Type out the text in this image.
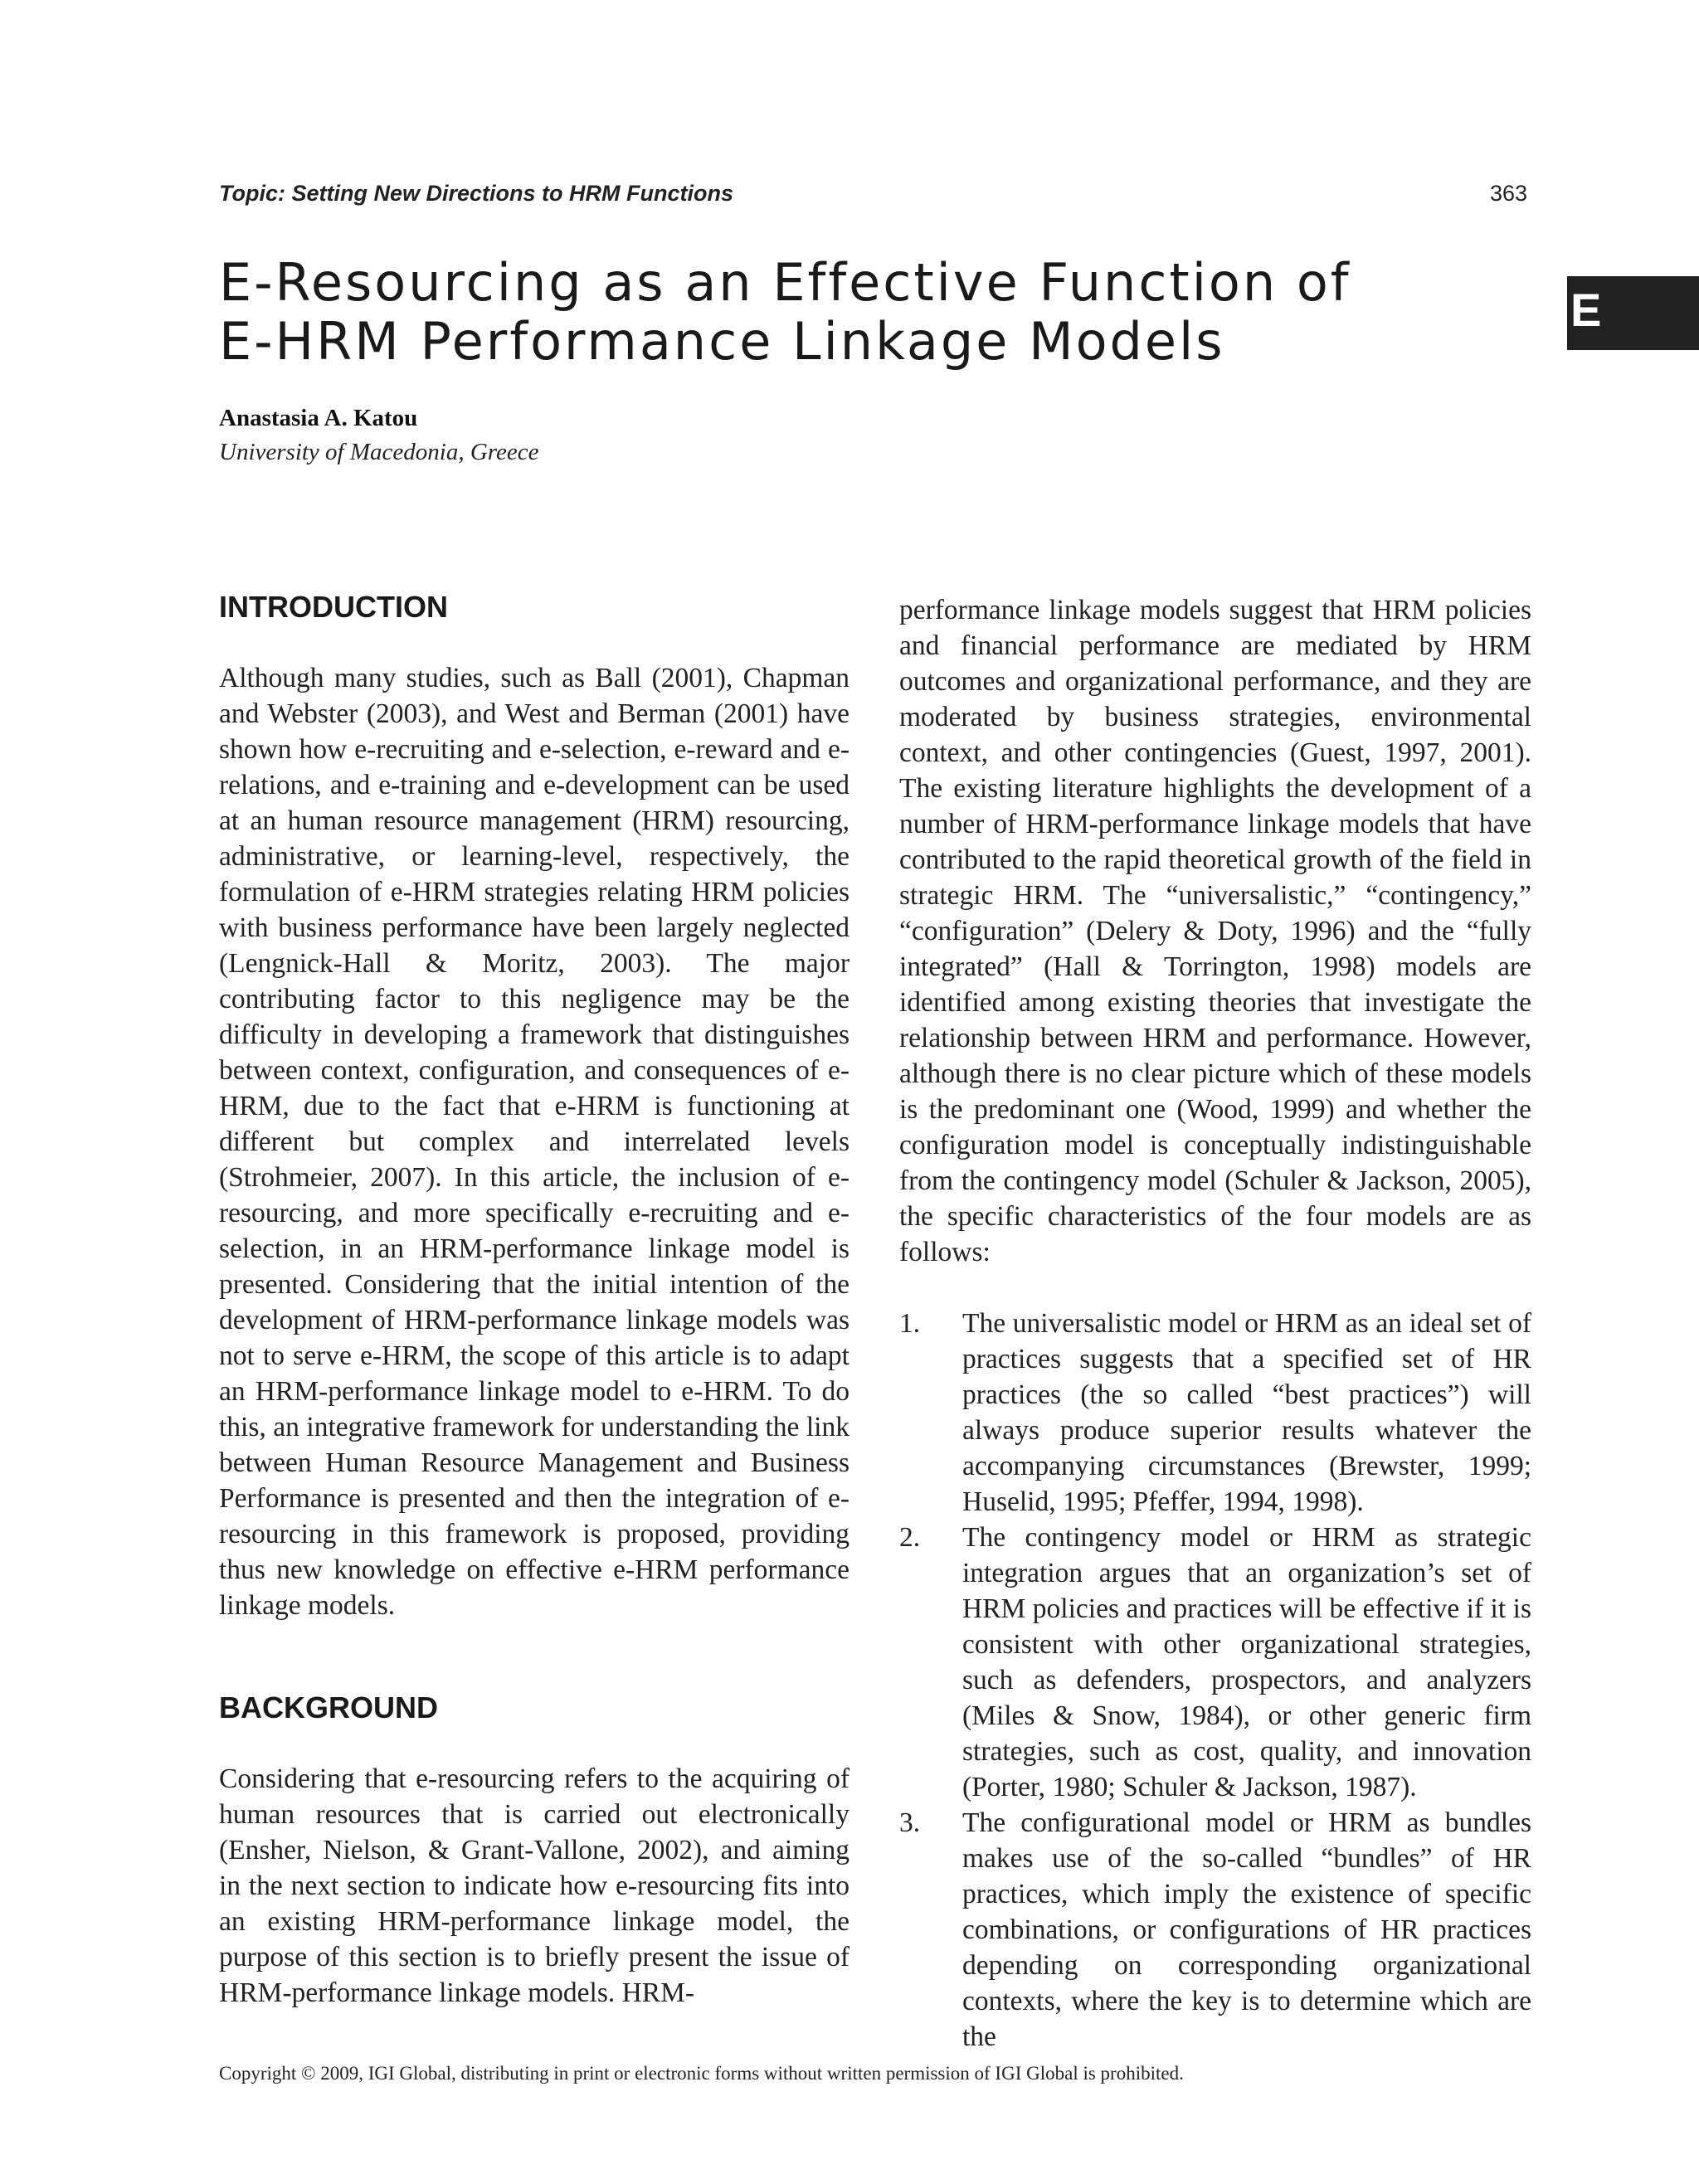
Topic: Setting New Directions to HRM Functions	363
E-Resourcing as an Effective Function of
E-HRM Performance Linkage Models
E
Anastasia A. Katou
University of Macedonia, Greece
INTRODUCTION

Although many studies, such as Ball (2001), Chapman and Webster (2003), and West and Berman (2001) have shown how e-recruiting and e-selection, e-reward and e-relations, and e-training and e-development can be used at an human resource management (HRM) resourcing, administrative, or learning-level, respectively, the formulation of e-HRM strategies relating HRM policies with business performance have been largely neglected (Lengnick-Hall & Moritz, 2003). The major contributing factor to this negligence may be the difficulty in developing a framework that distinguishes between context, configuration, and consequences of e-HRM, due to the fact that e-HRM is functioning at different but complex and interrelated levels (Strohmeier, 2007). In this article, the inclusion of e-resourcing, and more specifically e-recruiting and e-selection, in an HRM-performance linkage model is presented. Considering that the initial intention of the development of HRM-performance linkage models was not to serve e-HRM, the scope of this article is to adapt an HRM-performance linkage model to e-HRM. To do this, an integrative framework for understanding the link between Human Resource Management and Business Performance is presented and then the integration of e-resourcing in this framework is proposed, providing thus new knowledge on effective e-HRM performance linkage models.

BACKGROUND

Considering that e-resourcing refers to the acquiring of human resources that is carried out electronically (Ensher, Nielson, & Grant-Vallone, 2002), and aiming in the next section to indicate how e-resourcing fits into an existing HRM-performance linkage model, the purpose of this section is to briefly present the issue of HRM-performance linkage models. HRM-

performance linkage models suggest that HRM policies and financial performance are mediated by HRM outcomes and organizational performance, and they are moderated by business strategies, environmental context, and other contingencies (Guest, 1997, 2001). The existing literature highlights the development of a number of HRM-performance linkage models that have contributed to the rapid theoretical growth of the field in strategic HRM. The “universalistic,” “contingency,” “configuration” (Delery & Doty, 1996) and the “fully integrated” (Hall & Torrington, 1998) models are identified among existing theories that investigate the relationship between HRM and performance. However, although there is no clear picture which of these models is the predominant one (Wood, 1999) and whether the configuration model is conceptually indistinguishable from the contingency model (Schuler & Jackson, 2005), the specific characteristics of the four models are as follows:

1. The universalistic model or HRM as an ideal set of practices suggests that a specified set of HR practices (the so called “best practices”) will always produce superior results whatever the accompanying circumstances (Brewster, 1999; Huselid, 1995; Pfeffer, 1994, 1998).
2. The contingency model or HRM as strategic integration argues that an organization’s set of HRM policies and practices will be effective if it is consistent with other organizational strategies, such as defenders, prospectors, and analyzers (Miles & Snow, 1984), or other generic firm strategies, such as cost, quality, and innovation (Porter, 1980; Schuler & Jackson, 1987).
3. The configurational model or HRM as bundles makes use of the so-called “bundles” of HR practices, which imply the existence of specific combinations, or configurations of HR practices depending on corresponding organizational contexts, where the key is to determine which are the
Copyright © 2009, IGI Global, distributing in print or electronic forms without written permission of IGI Global is prohibited.
